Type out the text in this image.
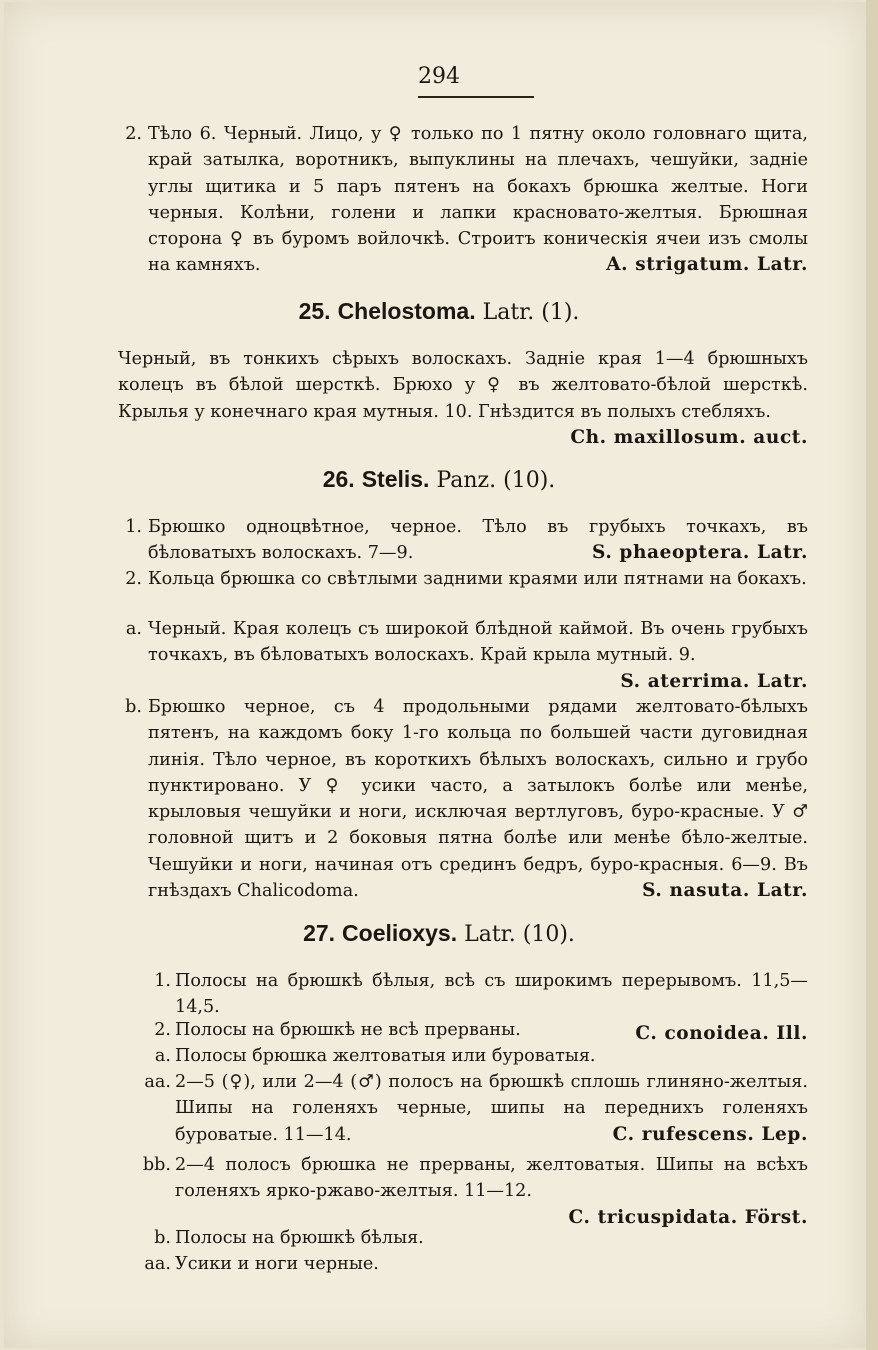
294
2. Тѣло 6. Черный. Лицо, у ♀ только по 1 пятну около головнаго щита, край затылка, воротникъ, выпуклины на плечахъ, чешуйки, заднiе углы щитика и 5 паръ пятенъ на бокахъ брюшка желтые. Ноги черныя. Колѣни, голени и лапки красновато-желтыя. Брюшная сторона ♀ въ буромъ войлочкѣ. Строитъ коническiя ячеи изъ смолы на камняхъ.	A. strigatum. Latr.
25. Chelostoma. Latr. (1).
Черный, въ тонкихъ сѣрыхъ волоскахъ. Заднiе края 1—4 брюшныхъ колецъ въ бѣлой шерсткѣ. Брюхо у ♀ въ желтовато-бѣлой шерсткѣ. Крылья у конечнаго края мутныя. 10. Гнѣздится въ полыхъ стебляхъ.
Ch. maxillosum. auct.
26. Stelis. Panz. (10).
1. Брюшко одноцвѣтное, черное. Тѣло въ грубыхъ точкахъ, въ бѣловатыхъ волоскахъ. 7—9.	S. phaeoptera. Latr.
2. Кольца брюшка со свѣтлыми задними краями или пятнами на бокахъ.
a. Черный. Края колецъ съ широкой блѣдной каймой. Въ очень грубыхъ точкахъ, въ бѣловатыхъ волоскахъ. Край крыла мутный. 9.
S. aterrima. Latr.
b. Брюшко черное, съ 4 продольными рядами желтовато-бѣлыхъ пятенъ, на каждомъ боку 1-го кольца по большей части дуговидная линiя. Тѣло черное, въ короткихъ бѣлыхъ волоскахъ, сильно и грубо пунктировано. У ♀ усики часто, а затылокъ болѣе или менѣе, крыловыя чешуйки и ноги, исключая вертлуговъ, буро-красные. У ♂ головной щитъ и 2 боковыя пятна болѣе или менѣе бѣло-желтые. Чешуйки и ноги, начиная отъ срединъ бедръ, буро-красныя. 6—9. Въ гнѣздахъ Chalicodoma.	S. nasuta. Latr.
27. Coelioxys. Latr. (10).
1. Полосы на брюшкѣ бѣлыя, всѣ съ широкимъ перерывомъ. 11,5—14,5.
C. conoidea. Ill.
2. Полосы на брюшкѣ не всѣ прерваны.
a. Полосы брюшка желтоватыя или буроватыя.
aa. 2—5 (♀), или 2—4 (♂) полосъ на брюшкѣ сплошь глиняно-желтыя. Шипы на голеняхъ черные, шипы на переднихъ голеняхъ буроватые. 11—14.	C. rufescens. Lep.
bb. 2—4 полосъ брюшка не прерваны, желтоватыя. Шипы на всѣхъ голеняхъ ярко-ржаво-желтыя. 11—12.
C. tricuspidata. Först.
b. Полосы на брюшкѣ бѣлыя.
aa. Усики и ноги черные.
